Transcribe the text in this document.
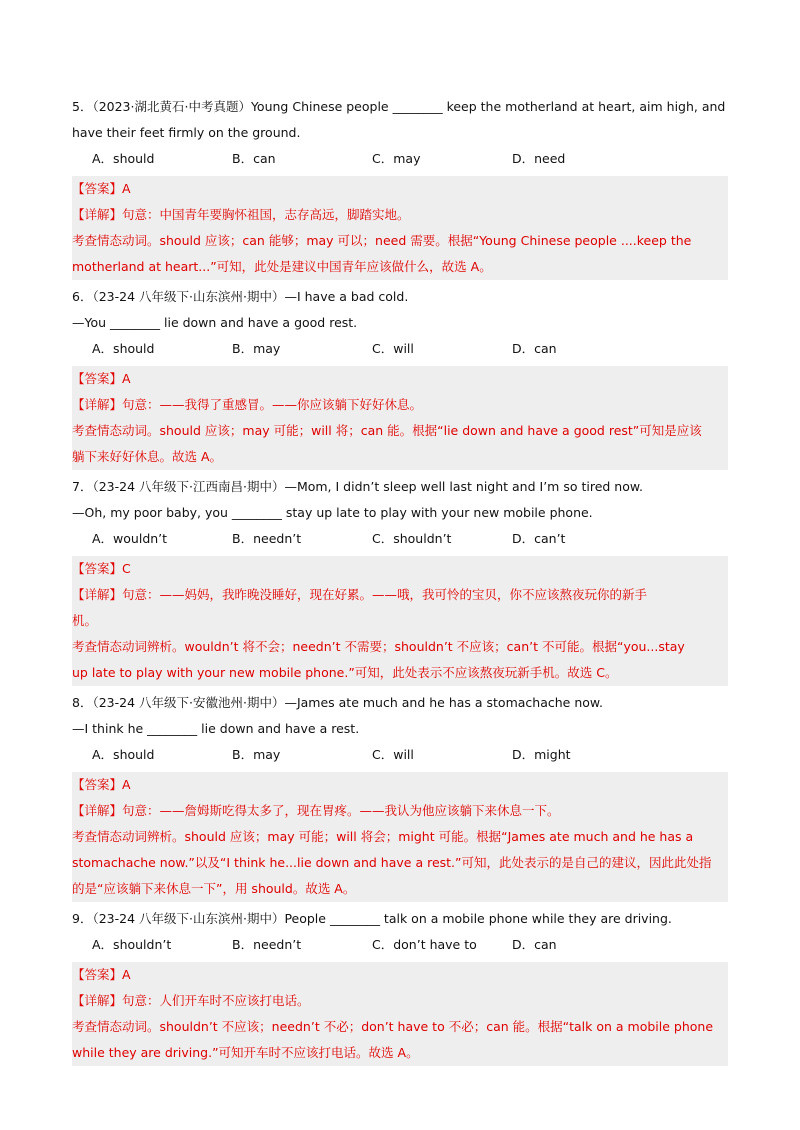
5．（2023·湖北黄石·中考真题）Young Chinese people ________ keep the motherland at heart, aim high, and
have their feet firmly on the ground.
A．should	B．can	C．may	D．need
【答案】A
【详解】句意：中国青年要胸怀祖国，志存高远，脚踏实地。
考查情态动词。should 应该；can 能够；may 可以；need 需要。根据“Young Chinese people ....keep the
motherland at heart...”可知，此处是建议中国青年应该做什么，故选 A。
6．（23-24 八年级下·山东滨州·期中）—I have a bad cold.
—You ________ lie down and have a good rest.
A．should	B．may	C．will	D．can
【答案】A
【详解】句意：——我得了重感冒。——你应该躺下好好休息。
考查情态动词。should 应该；may 可能；will 将；can 能。根据“lie down and have a good rest”可知是应该
躺下来好好休息。故选 A。
7．（23-24 八年级下·江西南昌·期中）—Mom, I didn’t sleep well last night and I’m so tired now.
—Oh, my poor baby, you ________ stay up late to play with your new mobile phone.
A．wouldn’t	B．needn’t	C．shouldn’t	D．can’t
【答案】C
【详解】句意：——妈妈，我昨晚没睡好，现在好累。——哦，我可怜的宝贝，你不应该熬夜玩你的新手
机。
考查情态动词辨析。wouldn’t 将不会；needn’t 不需要；shouldn’t 不应该；can’t 不可能。根据“you...stay
up late to play with your new mobile phone.”可知，此处表示不应该熬夜玩新手机。故选 C。
8．（23-24 八年级下·安徽池州·期中）—James ate much and he has a stomachache now.
—I think he ________ lie down and have a rest.
A．should	B．may	C．will	D．might
【答案】A
【详解】句意：——詹姆斯吃得太多了，现在胃疼。——我认为他应该躺下来休息一下。
考查情态动词辨析。should 应该；may 可能；will 将会；might 可能。根据“James ate much and he has a
stomachache now.”以及“I think he...lie down and have a rest.”可知，此处表示的是自己的建议，因此此处指
的是“应该躺下来休息一下”，用 should。故选 A。
9．（23-24 八年级下·山东滨州·期中）People ________ talk on a mobile phone while they are driving.
A．shouldn’t	B．needn’t	C．don’t have to	D．can
【答案】A
【详解】句意：人们开车时不应该打电话。
考查情态动词。shouldn’t 不应该；needn’t 不必；don’t have to 不必；can 能。根据“talk on a mobile phone
while they are driving.”可知开车时不应该打电话。故选 A。
